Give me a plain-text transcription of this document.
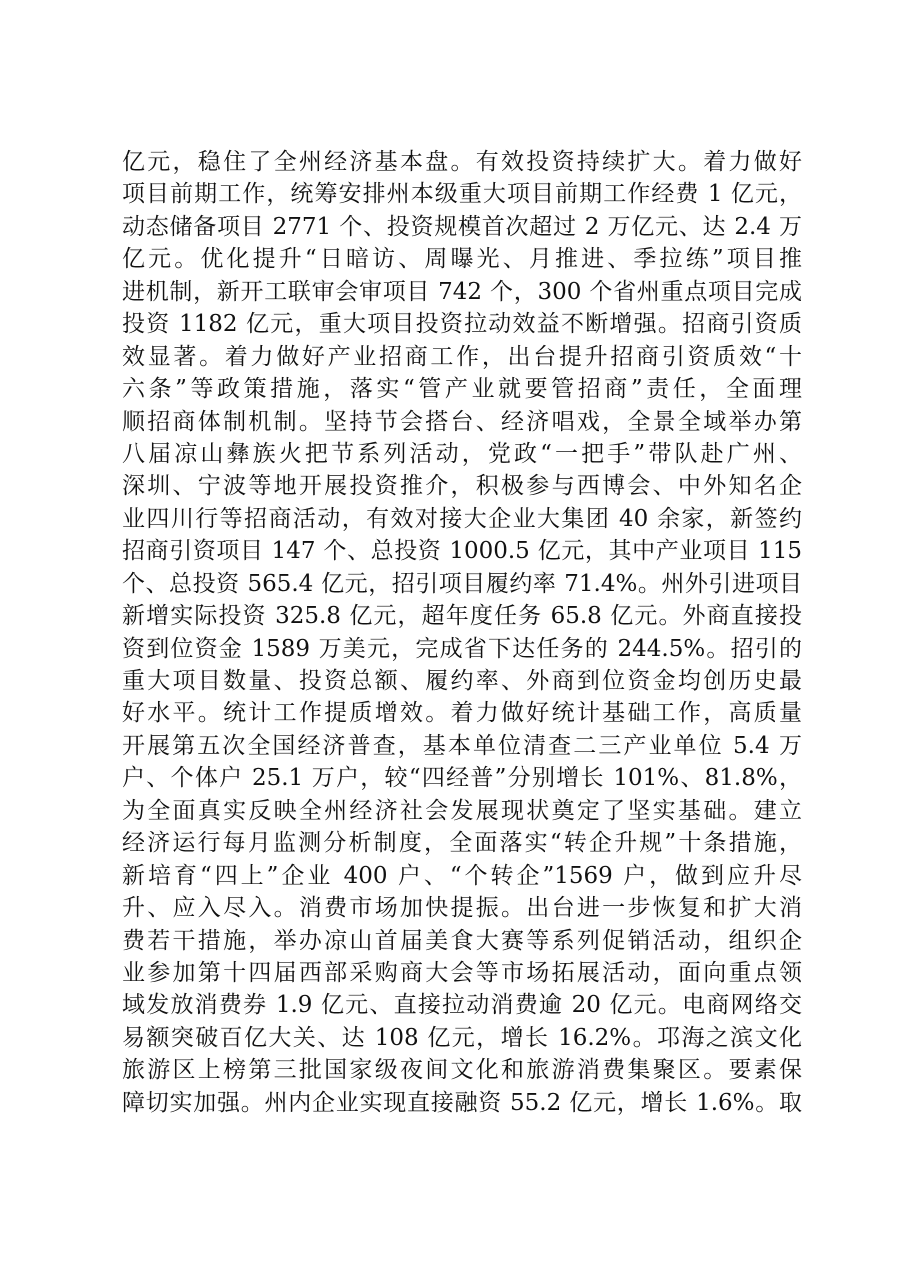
亿元，稳住了全州经济基本盘。有效投资持续扩大。着力做好
项目前期工作，统筹安排州本级重大项目前期工作经费 1 亿元，
动态储备项目 2771 个、投资规模首次超过 2 万亿元、达 2.4 万
亿元。优化提升“日暗访、周曝光、月推进、季拉练”项目推
进机制，新开工联审会审项目 742 个，300 个省州重点项目完成
投资 1182 亿元，重大项目投资拉动效益不断增强。招商引资质
效显著。着力做好产业招商工作，出台提升招商引资质效“十
六条”等政策措施，落实“管产业就要管招商”责任，全面理
顺招商体制机制。坚持节会搭台、经济唱戏，全景全域举办第
八届凉山彝族火把节系列活动，党政“一把手”带队赴广州、
深圳、宁波等地开展投资推介，积极参与西博会、中外知名企
业四川行等招商活动，有效对接大企业大集团 40 余家，新签约
招商引资项目 147 个、总投资 1000.5 亿元，其中产业项目 115
个、总投资 565.4 亿元，招引项目履约率 71.4%。州外引进项目
新增实际投资 325.8 亿元，超年度任务 65.8 亿元。外商直接投
资到位资金 1589 万美元，完成省下达任务的 244.5%。招引的
重大项目数量、投资总额、履约率、外商到位资金均创历史最
好水平。统计工作提质增效。着力做好统计基础工作，高质量
开展第五次全国经济普查，基本单位清查二三产业单位 5.4 万
户、个体户 25.1 万户，较“四经普”分别增长 101%、81.8%，
为全面真实反映全州经济社会发展现状奠定了坚实基础。建立
经济运行每月监测分析制度，全面落实“转企升规”十条措施，
新培育“四上”企业 400 户、“个转企”1569 户，做到应升尽
升、应入尽入。消费市场加快提振。出台进一步恢复和扩大消
费若干措施，举办凉山首届美食大赛等系列促销活动，组织企
业参加第十四届西部采购商大会等市场拓展活动，面向重点领
域发放消费券 1.9 亿元、直接拉动消费逾 20 亿元。电商网络交
易额突破百亿大关、达 108 亿元，增长 16.2%。邛海之滨文化
旅游区上榜第三批国家级夜间文化和旅游消费集聚区。要素保
障切实加强。州内企业实现直接融资 55.2 亿元，增长 1.6%。取
